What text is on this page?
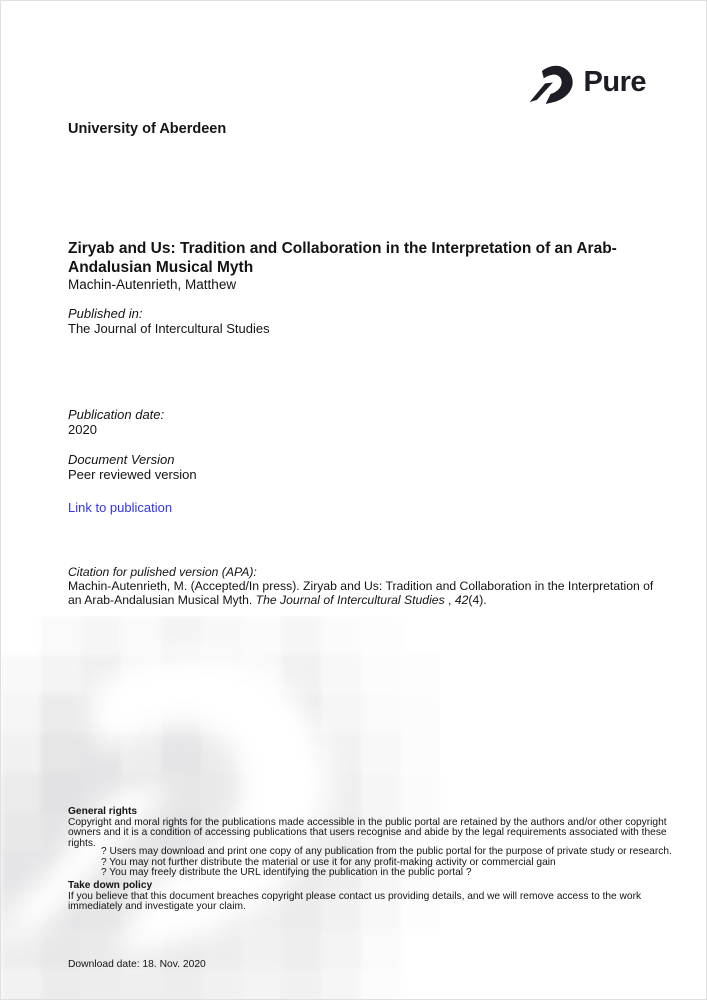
Pure
University of Aberdeen
Ziryab and Us: Tradition and Collaboration in the Interpretation of an Arab-Andalusian Musical Myth
Machin-Autenrieth, Matthew
Published in:
The Journal of Intercultural Studies
Publication date:
2020
Document Version
Peer reviewed version
Link to publication
Citation for pulished version (APA):
Machin-Autenrieth, M. (Accepted/In press). Ziryab and Us: Tradition and Collaboration in the Interpretation of an Arab-Andalusian Musical Myth. The Journal of Intercultural Studies , 42(4).
General rights
Copyright and moral rights for the publications made accessible in the public portal are retained by the authors and/or other copyright owners and it is a condition of accessing publications that users recognise and abide by the legal requirements associated with these rights.
? Users may download and print one copy of any publication from the public portal for the purpose of private study or research.
? You may not further distribute the material or use it for any profit-making activity or commercial gain
? You may freely distribute the URL identifying the publication in the public portal ?
Take down policy
If you believe that this document breaches copyright please contact us providing details, and we will remove access to the work immediately and investigate your claim.
Download date: 18. Nov. 2020
